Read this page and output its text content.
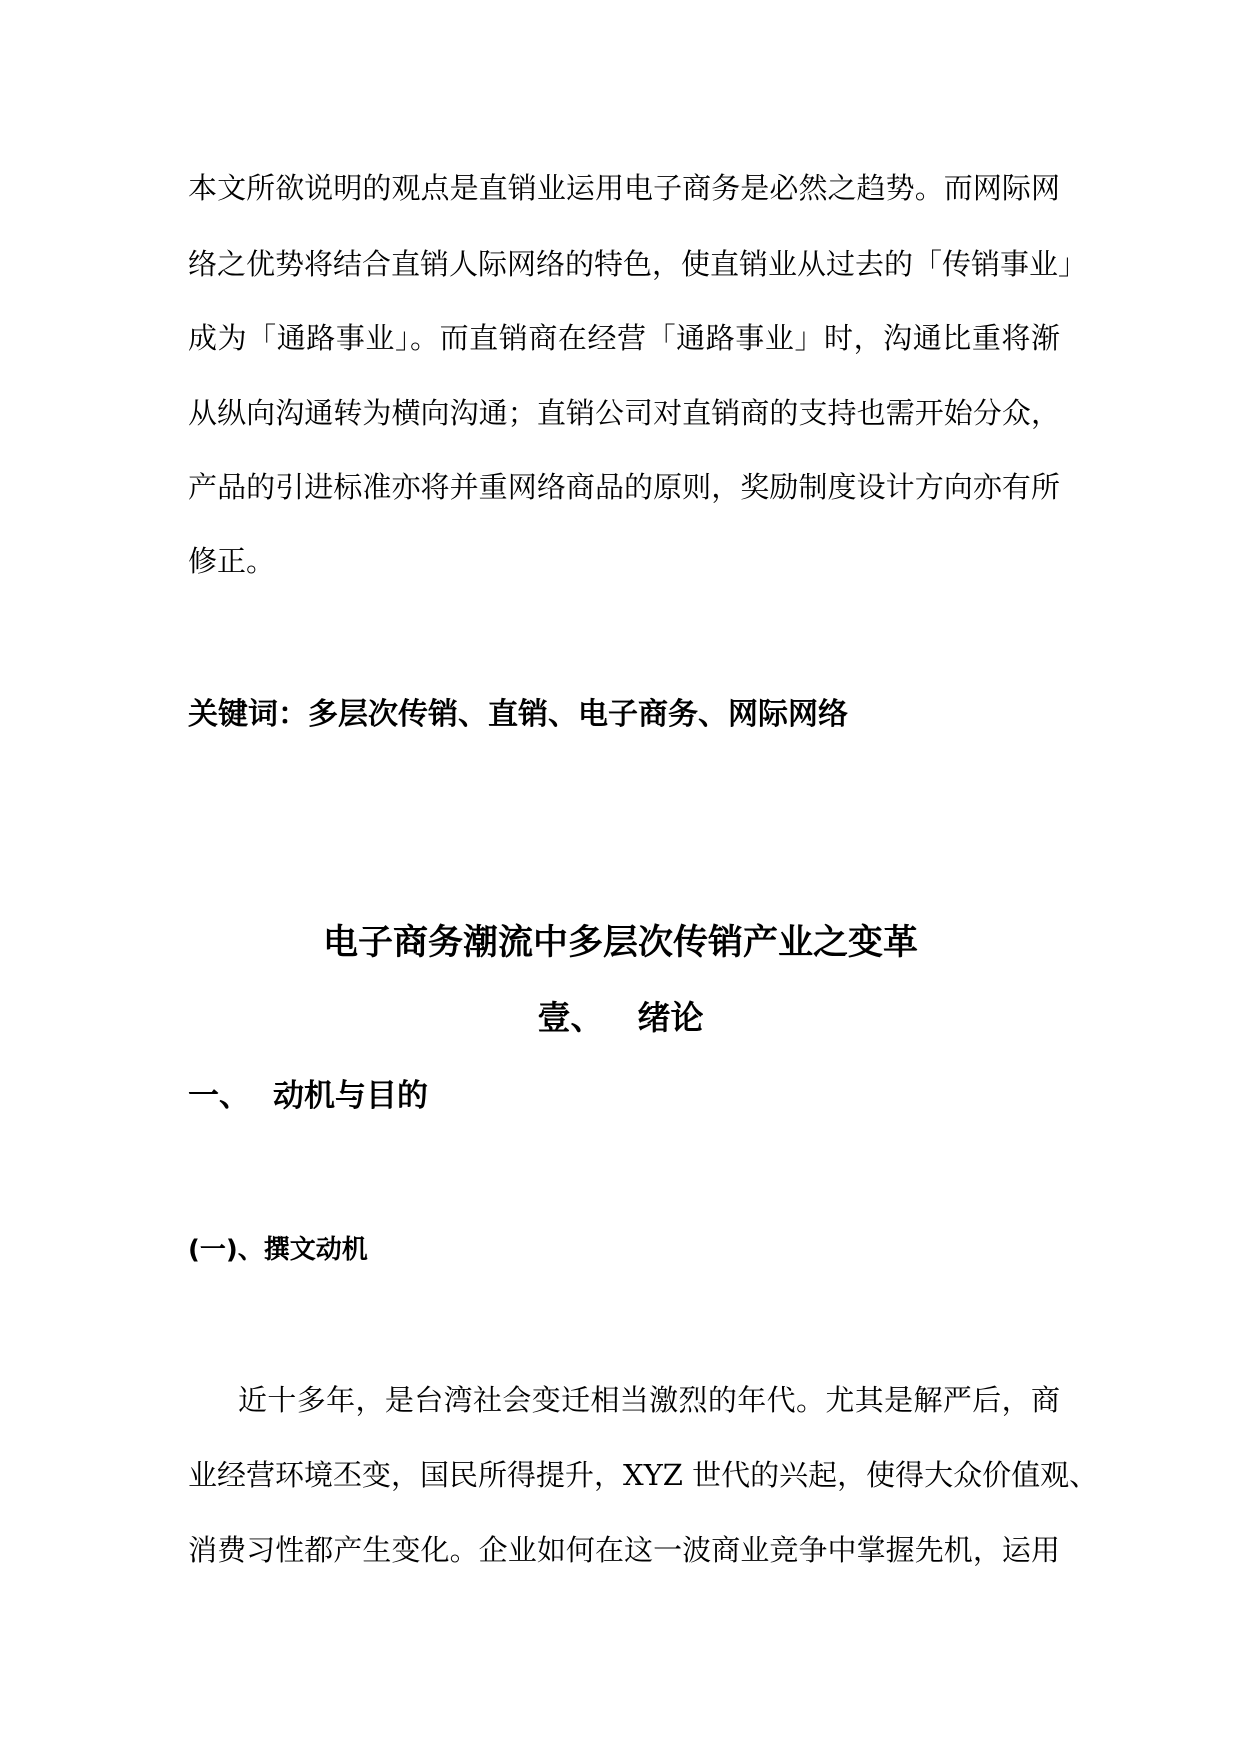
本文所欲说明的观点是直销业运用电子商务是必然之趋势。而网际网
络之优势将结合直销人际网络的特色，使直销业从过去的「传销事业」
成为「通路事业」。而直销商在经营「通路事业」时，沟通比重将渐
从纵向沟通转为横向沟通；直销公司对直销商的支持也需开始分众，
产品的引进标准亦将并重网络商品的原则，奖励制度设计方向亦有所
修正。
关键词：多层次传销、直销、电子商务、网际网络
电子商务潮流中多层次传销产业之变革
壹、 绪论
一、 动机与目的
(一)、撰文动机
近十多年，是台湾社会变迁相当激烈的年代。尤其是解严后，商
业经营环境丕变，国民所得提升，XYZ 世代的兴起，使得大众价值观、
消费习性都产生变化。企业如何在这一波商业竞争中掌握先机，运用
